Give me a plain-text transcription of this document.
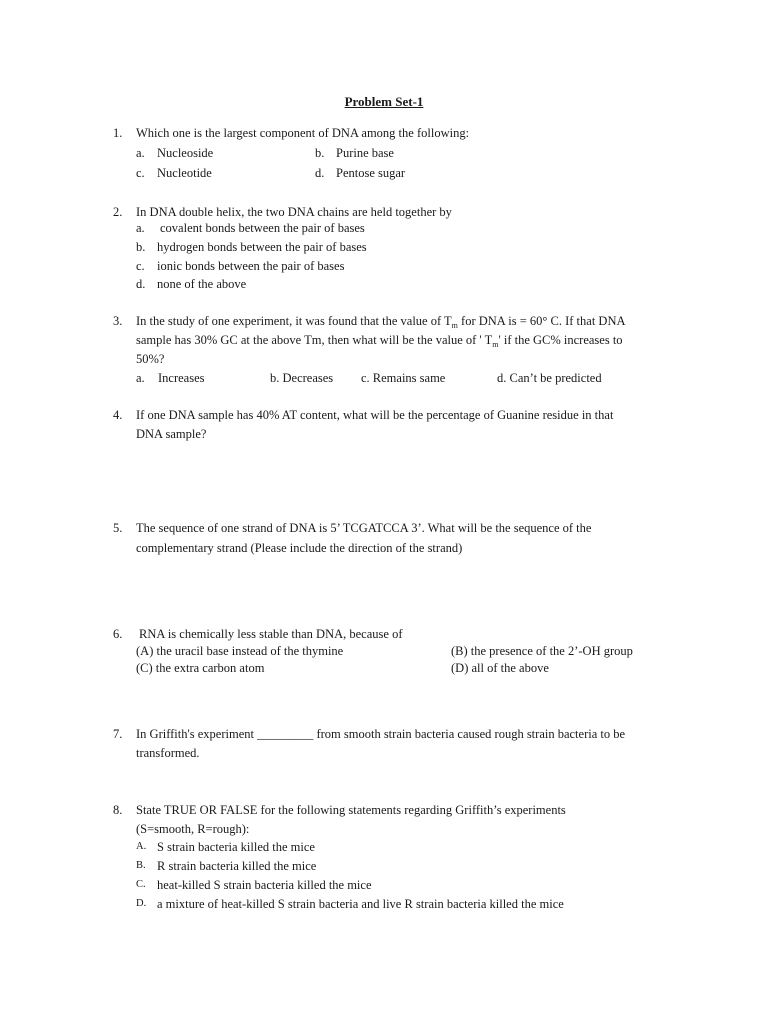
Problem Set-1
1. Which one is the largest component of DNA among the following:
a. Nucleoside	b. Purine base
c. Nucleotide	d. Pentose sugar
2. In DNA double helix, the two DNA chains are held together by
a. covalent bonds between the pair of bases
b. hydrogen bonds between the pair of bases
c. ionic bonds between the pair of bases
d. none of the above
3. In the study of one experiment, it was found that the value of $T_m$ for DNA is = 60° C. If that DNA
sample has 30% GC at the above Tm, then what will be the value of ' $T_m'$ if the GC% increases to
50%?
a. Increases	b. Decreases c. Remains same	d. Can’t be predicted
4. If one DNA sample has 40% AT content, what will be the percentage of Guanine residue in that
DNA sample?
5. The sequence of one strand of DNA is 5’ TCGATCCA 3’. What will be the sequence of the
complementary strand (Please include the direction of the strand)
6. RNA is chemically less stable than DNA, because of
(A) the uracil base instead of the thymine	(B) the presence of the 2’-OH group
(C) the extra carbon atom	(D) all of the above
7. In Griffith's experiment _________ from smooth strain bacteria caused rough strain bacteria to be
transformed.
8. State TRUE OR FALSE for the following statements regarding Griffith’s experiments
(S=smooth, R=rough):
A. S strain bacteria killed the mice
B. R strain bacteria killed the mice
C. heat-killed S strain bacteria killed the mice
D. a mixture of heat-killed S strain bacteria and live R strain bacteria killed the mice
